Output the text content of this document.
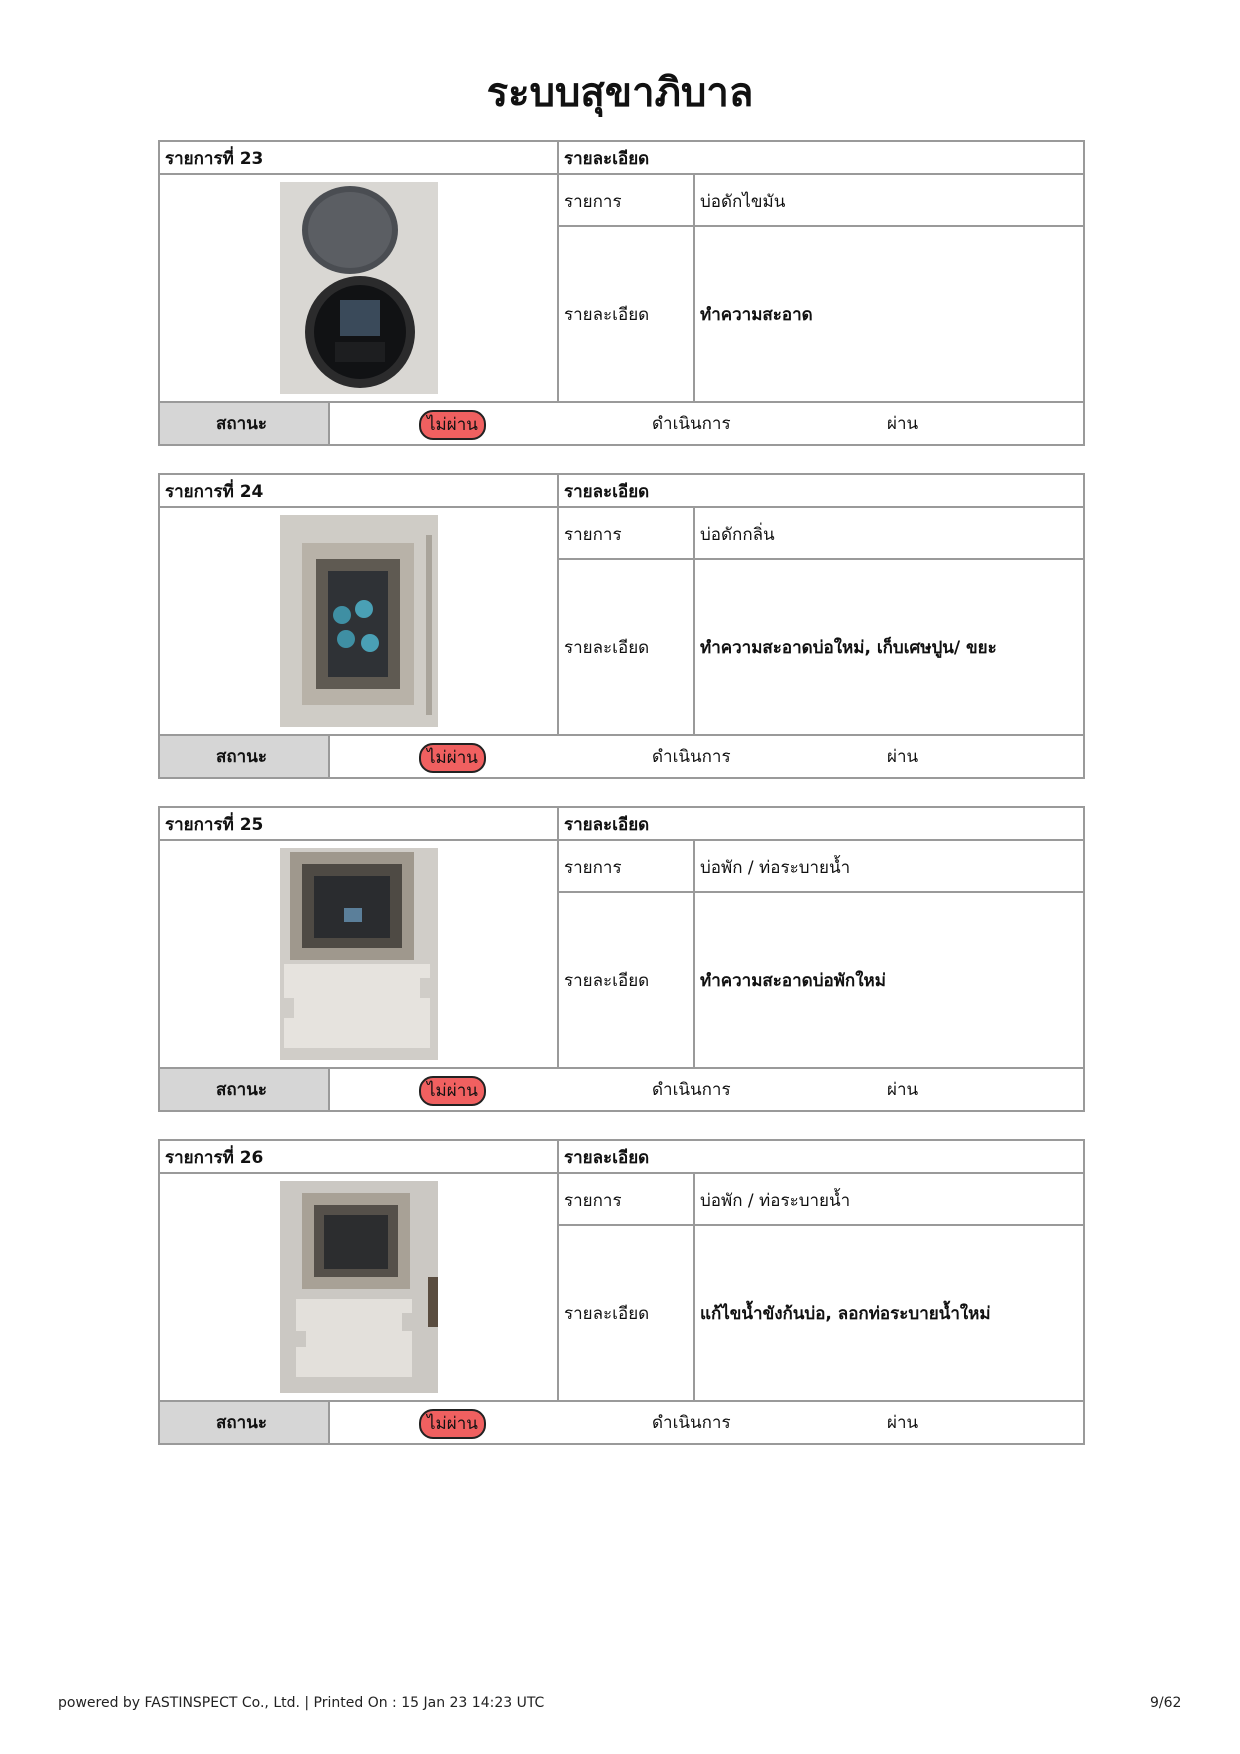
ระบบสุขาภิบาล
รายการที่ 23	รายละเอียด
รายการ	บ่อดักไขมัน
รายละเอียด	ทำความสะอาด
สถานะ	ไม่ผ่าน	ดำเนินการ	ผ่าน
รายการที่ 24	รายละเอียด
รายการ	บ่อดักกลิ่น
รายละเอียด	ทำความสะอาดบ่อใหม่, เก็บเศษปูน/ ขยะ
สถานะ	ไม่ผ่าน	ดำเนินการ	ผ่าน
รายการที่ 25	รายละเอียด
รายการ	บ่อพัก / ท่อระบายน้ำ
รายละเอียด	ทำความสะอาดบ่อพักใหม่
สถานะ	ไม่ผ่าน	ดำเนินการ	ผ่าน
รายการที่ 26	รายละเอียด
รายการ	บ่อพัก / ท่อระบายน้ำ
รายละเอียด	แก้ไขน้ำขังก้นบ่อ, ลอกท่อระบายน้ำใหม่
สถานะ	ไม่ผ่าน	ดำเนินการ	ผ่าน
powered by FASTINSPECT Co., Ltd. | Printed On : 15 Jan 23 14:23 UTC	9/62
